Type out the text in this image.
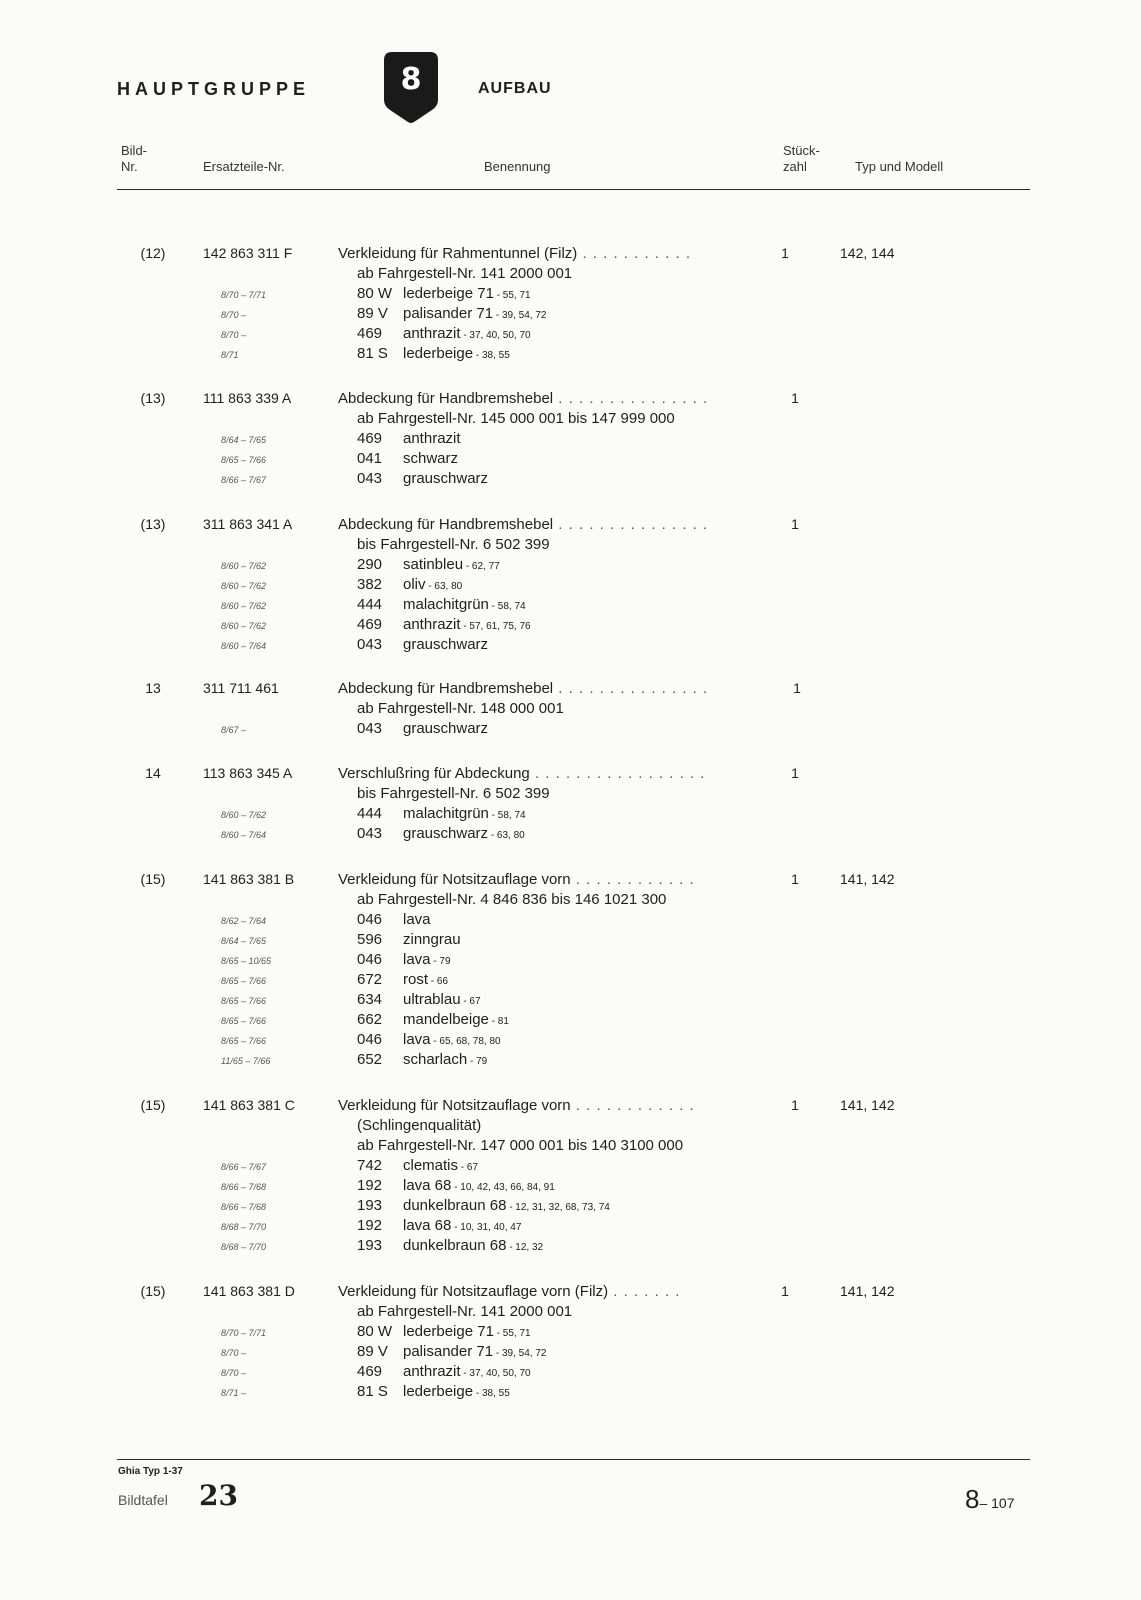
HAUPTGRUPPE	8	AUFBAU
Bild-
Nr.	Ersatzteile-Nr.	Benennung
Stück-
zahl	Typ und Modell
(12)	142 863 311 F	Verkleidung für Rahmentunnel (Filz) . . . . . . . . . . .	1	142, 144
ab Fahrgestell-Nr. 141 2000 001
8/70 – 7/71	80 W lederbeige 71 - 55, 71
8/70 –	89 V palisander 71 - 39, 54, 72
8/70 –	469 anthrazit - 37, 40, 50, 70
8/71	81 S lederbeige - 38, 55
(13)	111 863 339 A	Abdeckung für Handbremshebel . . . . . . . . . . . . . . .	1
ab Fahrgestell-Nr. 145 000 001 bis 147 999 000
8/64 – 7/65	469 anthrazit
8/65 – 7/66	041 schwarz
8/66 – 7/67	043 grauschwarz
(13)	311 863 341 A	Abdeckung für Handbremshebel . . . . . . . . . . . . . . .	1
bis Fahrgestell-Nr. 6 502 399
8/60 – 7/62	290 satinbleu - 62, 77
8/60 – 7/62	382 oliv - 63, 80
8/60 – 7/62	444 malachitgrün - 58, 74
8/60 – 7/62	469 anthrazit - 57, 61, 75, 76
8/60 – 7/64	043 grauschwarz
13	311 711 461	Abdeckung für Handbremshebel . . . . . . . . . . . . . . .	1
ab Fahrgestell-Nr. 148 000 001
8/67 –	043 grauschwarz
14	113 863 345 A	Verschlußring für Abdeckung . . . . . . . . . . . . . . . . .	1
bis Fahrgestell-Nr. 6 502 399
8/60 – 7/62	444 malachitgrün - 58, 74
8/60 – 7/64	043 grauschwarz - 63, 80
(15)	141 863 381 B	Verkleidung für Notsitzauflage vorn . . . . . . . . . . . .	1	141, 142
ab Fahrgestell-Nr. 4 846 836 bis 146 1021 300
8/62 – 7/64	046 lava
8/64 – 7/65	596 zinngrau
8/65 – 10/65	046 lava - 79
8/65 – 7/66	672 rost - 66
8/65 – 7/66	634 ultrablau - 67
8/65 – 7/66	662 mandelbeige - 81
8/65 – 7/66	046 lava - 65, 68, 78, 80
11/65 – 7/66	652 scharlach - 79
(15)	141 863 381 C	Verkleidung für Notsitzauflage vorn . . . . . . . . . . . .	1	141, 142
(Schlingenqualität)
ab Fahrgestell-Nr. 147 000 001 bis 140 3100 000
8/66 – 7/67	742 clematis - 67
8/66 – 7/68	192 lava 68 - 10, 42, 43, 66, 84, 91
8/66 – 7/68	193 dunkelbraun 68 - 12, 31, 32, 68, 73, 74
8/68 – 7/70	192 lava 68 - 10, 31, 40, 47
8/68 – 7/70	193 dunkelbraun 68 - 12, 32
(15)	141 863 381 D	Verkleidung für Notsitzauflage vorn (Filz) . . . . . . .	1	141, 142
ab Fahrgestell-Nr. 141 2000 001
8/70 – 7/71	80 W lederbeige 71 - 55, 71
8/70 –	89 V palisander 71 - 39, 54, 72
8/70 –	469 anthrazit - 37, 40, 50, 70
8/71 –	81 S lederbeige - 38, 55
Ghia Typ 1-37
Bildtafel 23	8– 107
